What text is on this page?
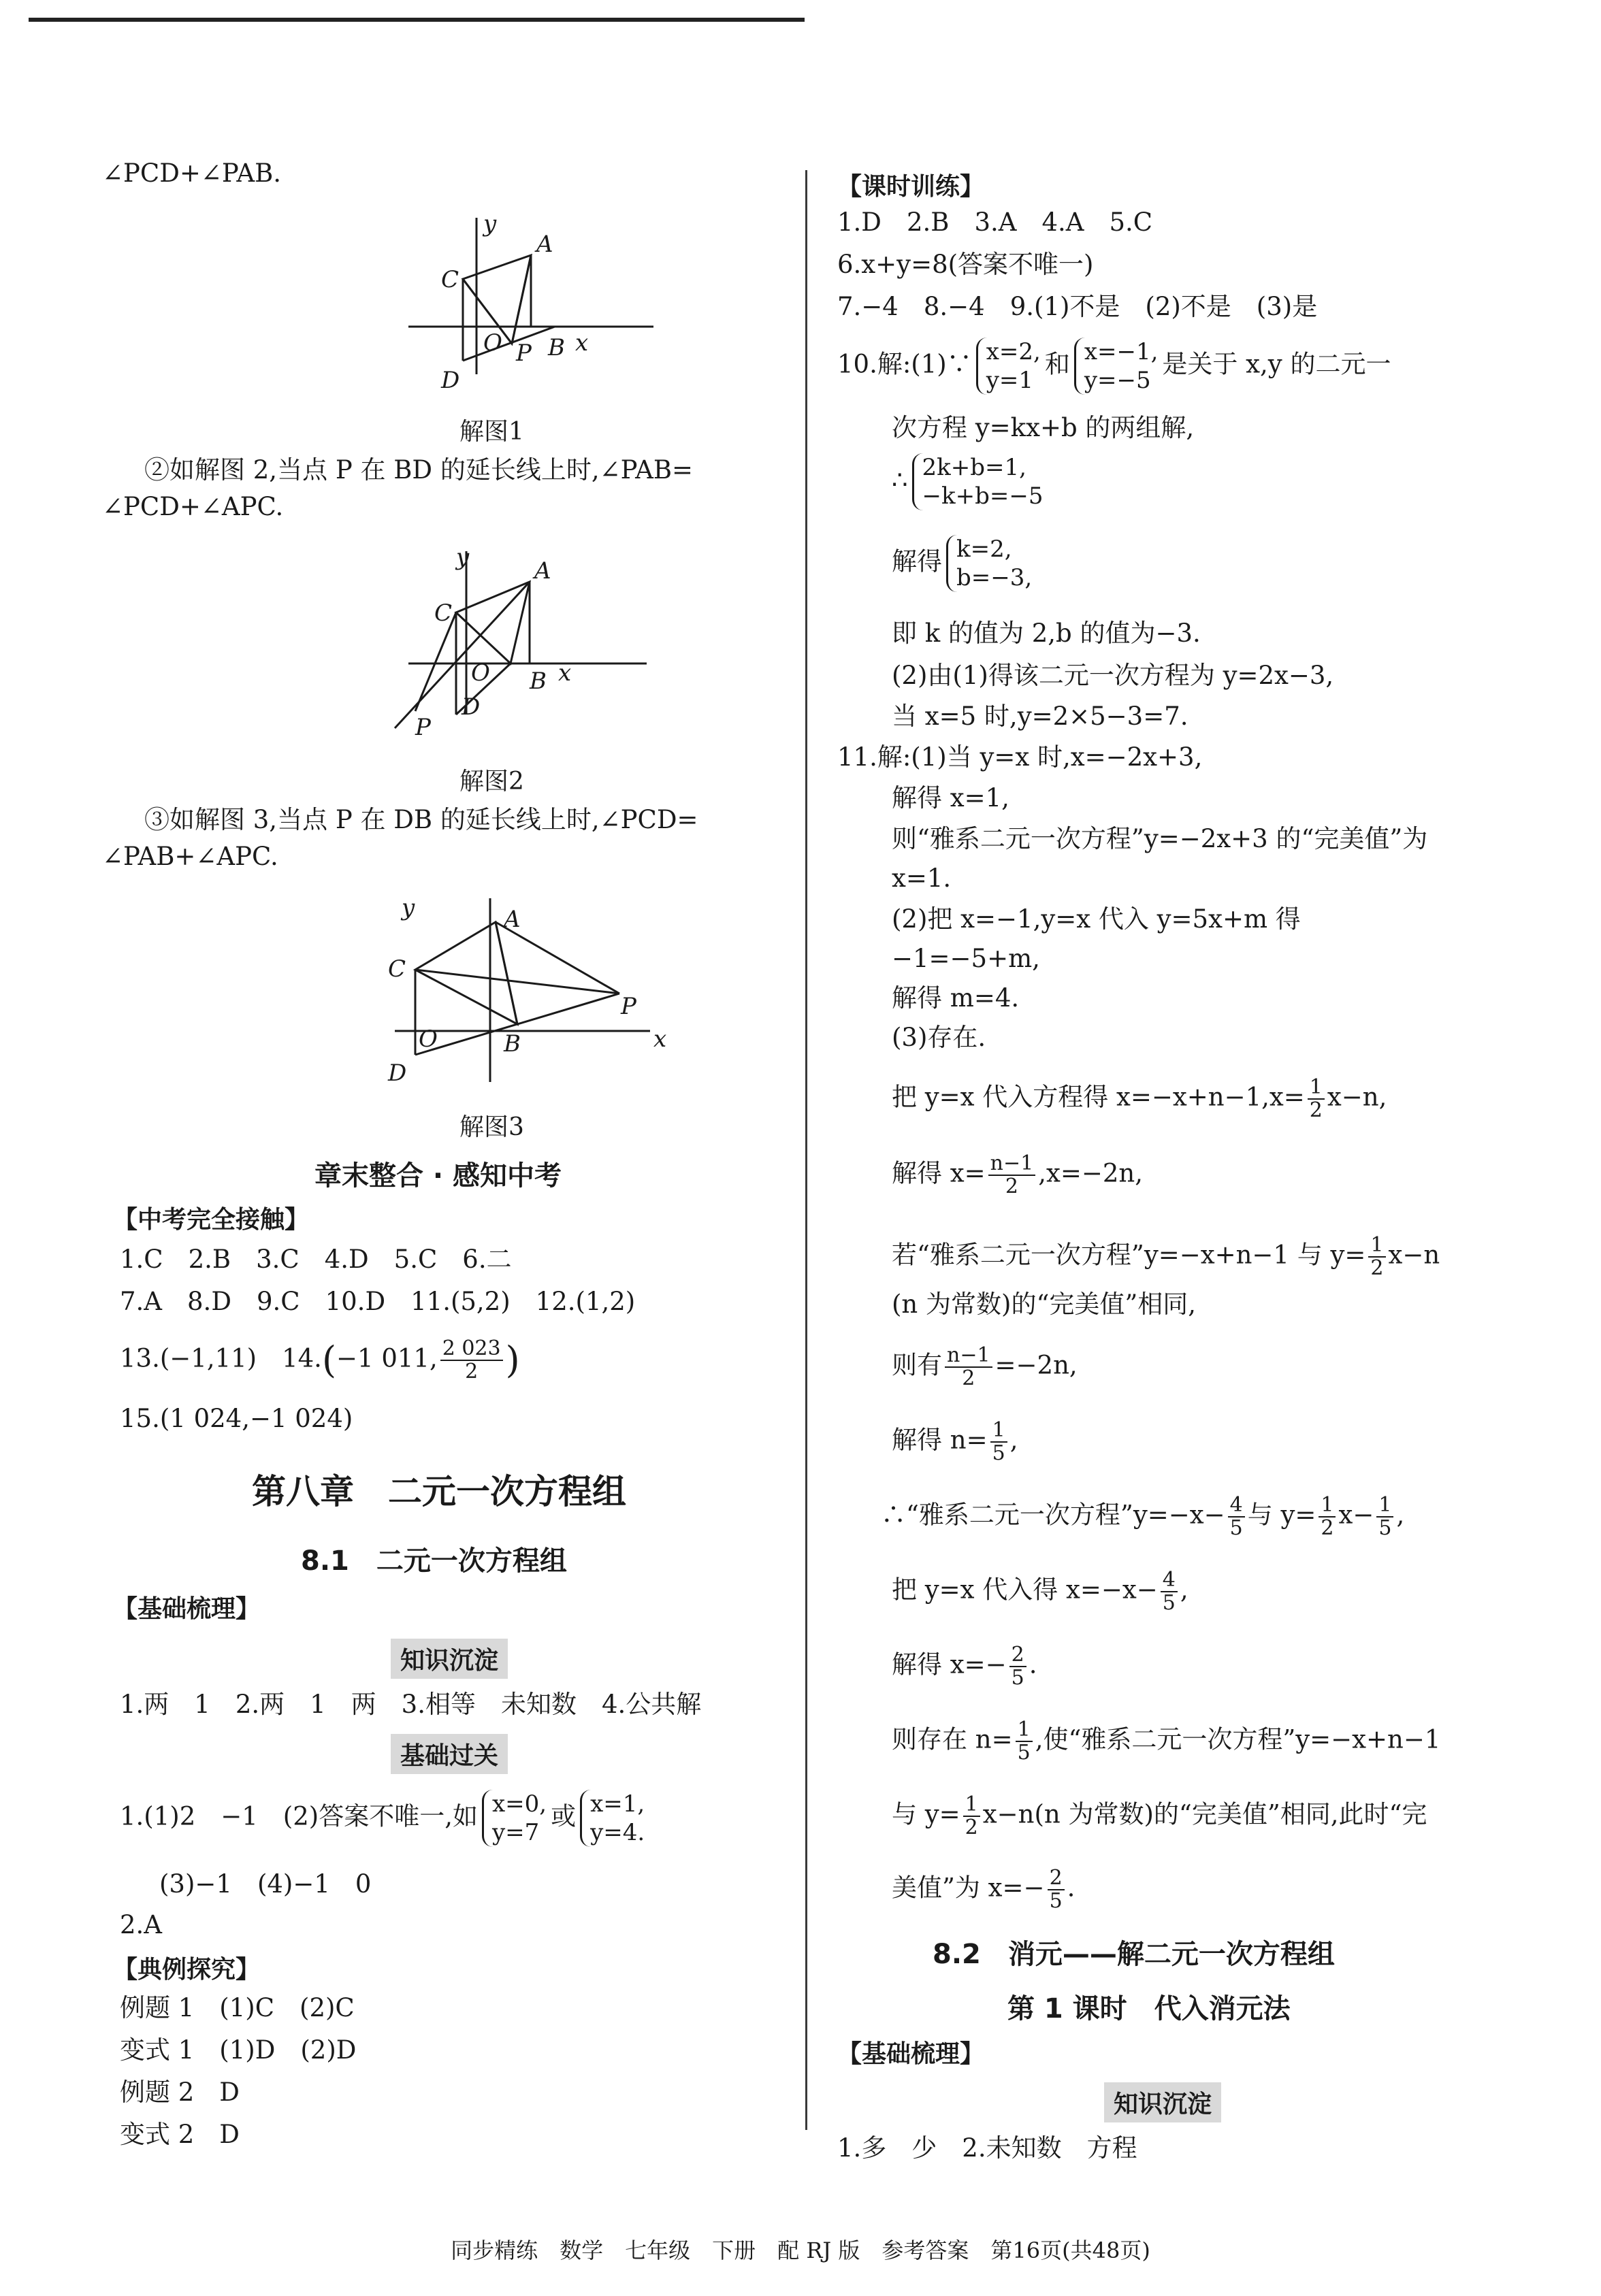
∠PCD+∠PAB.
y
A
C
O P B x
D
解图1
②如解图 2,当点 P 在 BD 的延长线上时,∠PAB=
∠PCD+∠APC.
y	A
C
O B x
D
P
解图2
③如解图 3,当点 P 在 DB 的延长线上时,∠PCD=
∠PAB+∠APC.
y	A
C
P
O	B	x
D
解图3
章末整合 · 感知中考
【中考完全接触】
1.C　2.B　3.C　4.D　5.C　6.二
7.A　8.D　9.C　10.D　11.(5,2)　12.(1,2)
13.(−1,11)　14.(−1 011, $\frac{2 023}{2}$ )
15.(1 024,−1 024)
第八章　二元一次方程组
8.1　二元一次方程组
【基础梳理】
知识沉淀
1.两　1　2.两　1　两　3.相等　未知数　4.公共解
基础过关
1.(1)2　−1　(2)答案不唯一,如 x=0,
y=7
或 x=1,
y=4.
(3)−1　(4)−1　0
2.A
【典例探究】
例题 1　(1)C　(2)C
变式 1　(1)D　(2)D
例题 2　D
变式 2　D
【课时训练】
1.D　2.B　3.A　4.A　5.C
6.x+y=8(答案不唯一)
7.−4　8.−4　9.(1)不是　(2)不是　(3)是
10.解:(1)∵ x=2,
y=1
和 x=−1,
y=−5
是关于 x,y 的二元一
次方程 y=kx+b 的两组解,
∴ 2k+b=1,
−k+b=−5
解得 k=2,
b=−3,
即 k 的值为 2,b 的值为−3.
(2)由(1)得该二元一次方程为 y=2x−3,
当 x=5 时,y=2×5−3=7.
11.解:(1)当 y=x 时,x=−2x+3,
解得 x=1,
则“雅系二元一次方程”y=−2x+3 的“完美值”为
x=1.
(2)把 x=−1,y=x 代入 y=5x+m 得
−1=−5+m,
解得 m=4.
(3)存在.
把 y=x 代入方程得 $x=-x+n-1,x= \frac{1}{2} x-n$,
解得 $x= \frac{n-1}{2} ,x=-2n$,
若“雅系二元一次方程”y=−x+n−1 与 $y= \frac{1}{2} x-n$
(n 为常数)的“完美值”相同,
则有 $\frac{n-1}{2} =-2n$,
解得 $n= \frac{1}{5}$ ,
∴“雅系二元一次方程”y=−x− $\frac{4}{5}$ 与 $y= \frac{1}{2} x- \frac{1}{5}$ ,
把 y=x 代入得 $x=-x- \frac{4}{5}$ ,
解得 $x=- \frac{2}{5}$ .
则存在 $n= \frac{1}{5}$ ,使“雅系二元一次方程”y=−x+n−1
与 $y= \frac{1}{2} x-n(n$ 为常数)的“完美值”相同,此时“完
美值”为 $x=- \frac{2}{5}$ .
8.2　消元——解二元一次方程组
第 1 课时　代入消元法
【基础梳理】
知识沉淀
1.多　少　2.未知数　方程
同步精练　数学　七年级　下册　配 RJ 版　参考答案　第16页(共48页)
